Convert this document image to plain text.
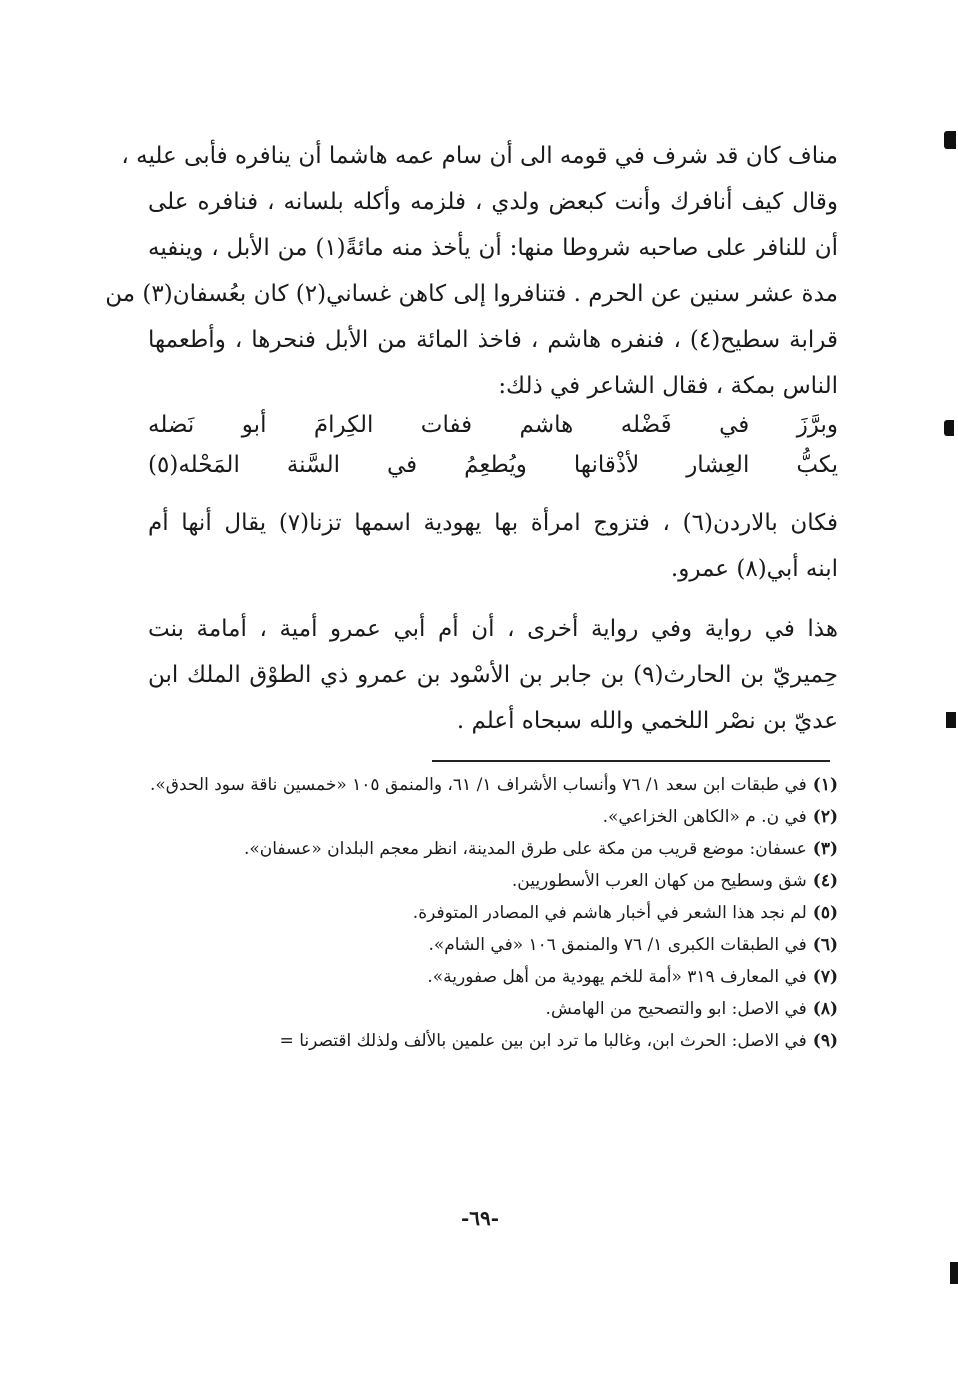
مناف كان قد شرف في قومه الى أن سام عمه هاشما أن ينافره فأبى عليه ،
وقال كيف أنافرك وأنت كبعض ولدي ، فلزمه وأكله بلسانه ، فنافره على
أن للنافر على صاحبه شروطا منها: أن يأخذ منه مائةً(١) من الأبل ، وينفيه
مدة عشر سنين عن الحرم . فتنافروا إلى كاهن غساني(٢) كان بعُسفان(٣) من
قرابة سطيح(٤) ، فنفره هاشم ، فاخذ المائة من الأبل فنحرها ، وأطعمها
الناس بمكة ، فقال الشاعر في ذلك:
وبرَّزَ
في
فَضْله
هاشم
ففات
الكِرامَ
أبو
نَضله
يكبُّ
العِشار
لأذْقانها
ويُطعِمُ
في
السَّنة
المَحْله(٥)
فكان بالاردن(٦) ، فتزوج امرأة بها يهودية اسمها تزنا(٧) يقال أنها أم
ابنه أبي(٨) عمرو.
هذا في رواية وفي رواية أخرى ، أن أم أبي عمرو أمية ، أمامة بنت
حِميريّ بن الحارث(٩) بن جابر بن الأسْود بن عمرو ذي الطوْق الملك ابن
عديّ بن نصْر اللخمي والله سبحاه أعلم .
(١)
في طبقات ابن سعد ١/ ٧٦ وأنساب الأشراف ١/ ٦١، والمنمق ١٠٥ «خمسين ناقة سود الحدق».
(٢)
في ن. م «الكاهن الخزاعي».
(٣)
عسفان: موضع قريب من مكة على طرق المدينة، انظر معجم البلدان «عسفان».
(٤)
شق وسطيح من كهان العرب الأسطوريين.
(٥)
لم نجد هذا الشعر في أخبار هاشم في المصادر المتوفرة.
(٦)
في الطبقات الكبرى ١/ ٧٦ والمنمق ١٠٦ «في الشام».
(٧)
في المعارف ٣١٩ «أمة للخم يهودية من أهل صفورية».
(٨)
في الاصل: ابو والتصحيح من الهامش.
(٩)
في الاصل: الحرث ابن، وغالبا ما ترد ابن بين علمين بالألف ولذلك اقتصرنا =
-٦٩-
